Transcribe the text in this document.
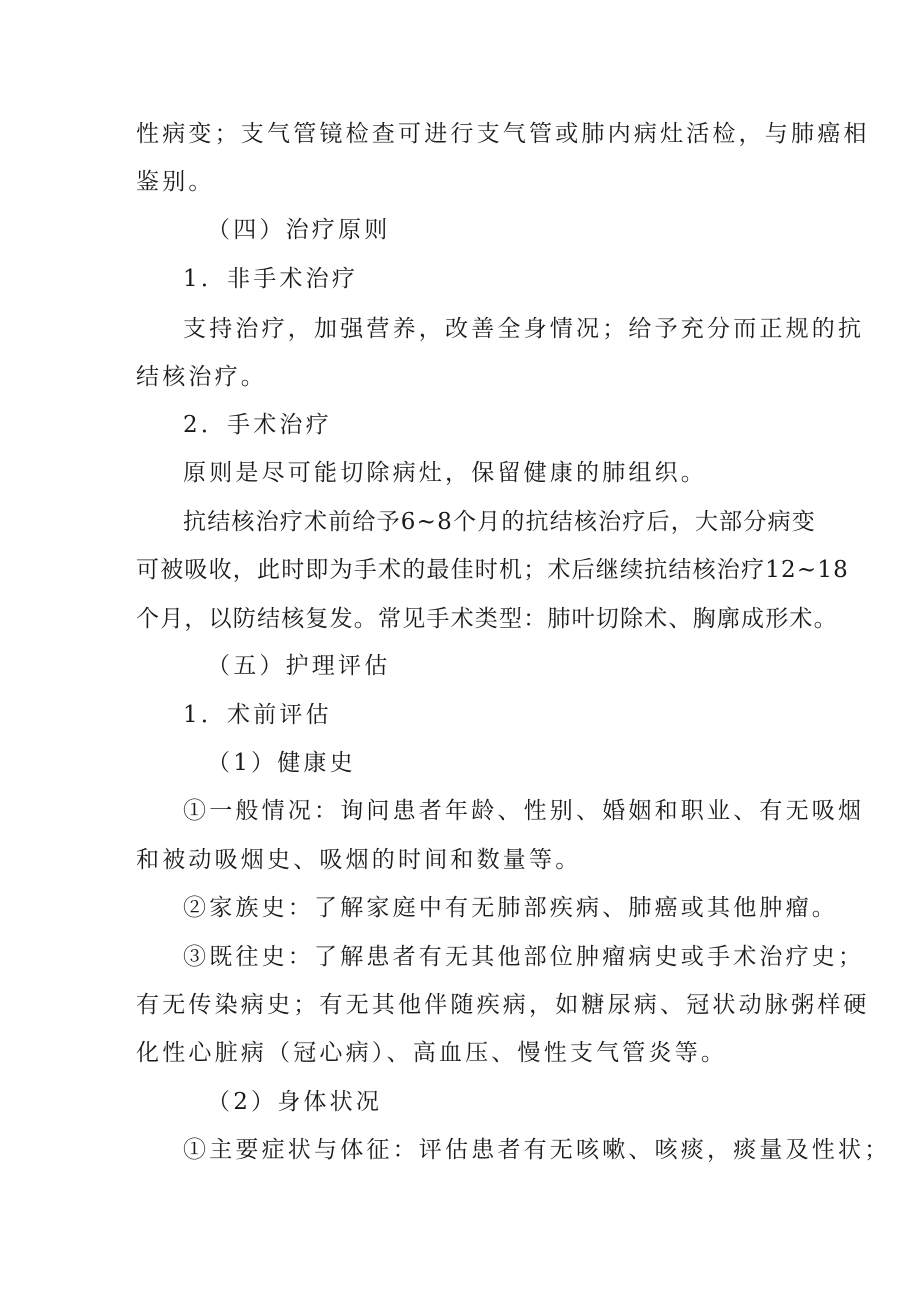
性病变；支气管镜检查可进行支气管或肺内病灶活检，与肺癌相
鉴别。
（四）治疗原则
1．非手术治疗
支持治疗，加强营养，改善全身情况；给予充分而正规的抗
结核治疗。
2．手术治疗
原则是尽可能切除病灶，保留健康的肺组织。
抗结核治疗术前给予6~8个月的抗结核治疗后，大部分病变
可被吸收，此时即为手术的最佳时机；术后继续抗结核治疗12~18
个月，以防结核复发。常见手术类型：肺叶切除术、胸廓成形术。
（五）护理评估
1．术前评估
（1）健康史
①一般情况：询问患者年龄、性别、婚姻和职业、有无吸烟
和被动吸烟史、吸烟的时间和数量等。
②家族史：了解家庭中有无肺部疾病、肺癌或其他肿瘤。
③既往史：了解患者有无其他部位肿瘤病史或手术治疗史；
有无传染病史；有无其他伴随疾病，如糖尿病、冠状动脉粥样硬
化性心脏病（冠心病）、高血压、慢性支气管炎等。
（2）身体状况
①主要症状与体征：评估患者有无咳嗽、咳痰，痰量及性状；
